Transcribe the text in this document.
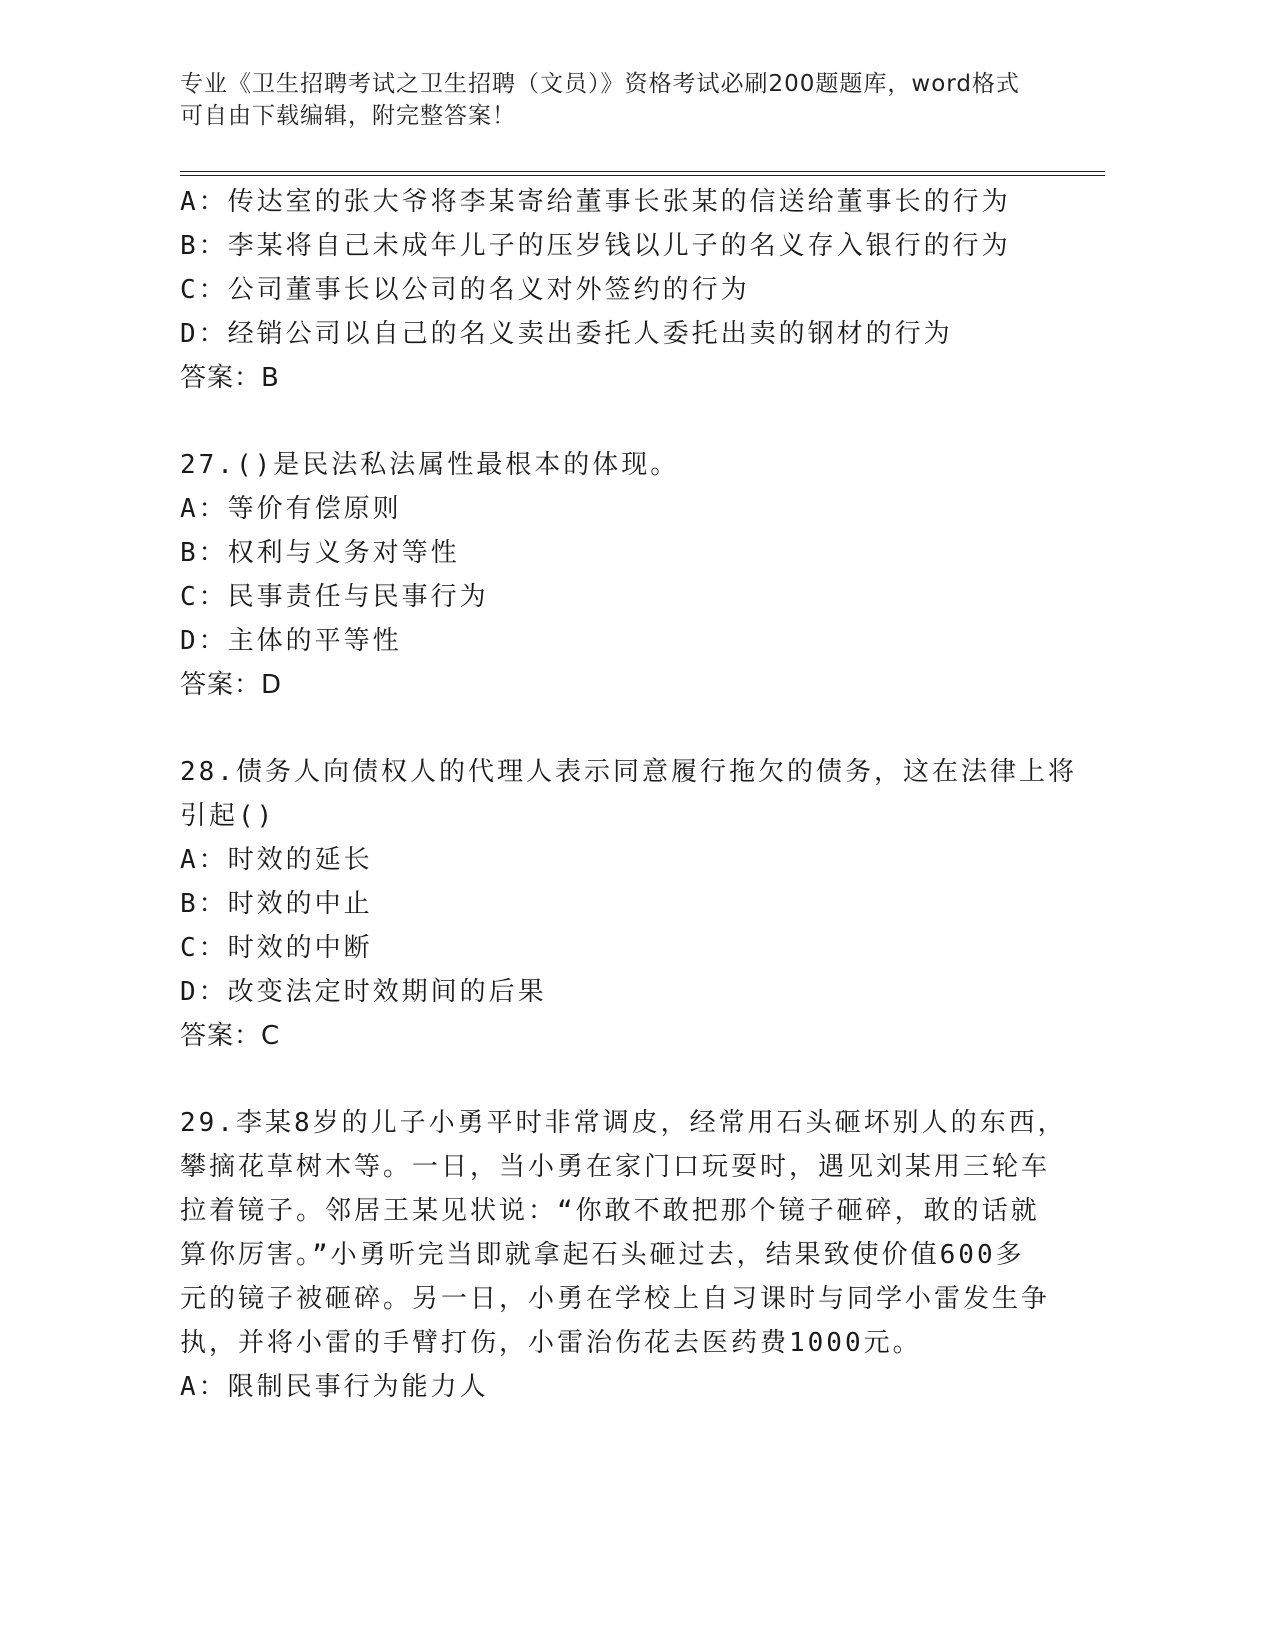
专业《卫生招聘考试之卫生招聘（文员）》资格考试必刷200题题库，word格式
可自由下载编辑，附完整答案！
A：传达室的张大爷将李某寄给董事长张某的信送给董事长的行为
B：李某将自己未成年儿子的压岁钱以儿子的名义存入银行的行为
C：公司董事长以公司的名义对外签约的行为
D：经销公司以自己的名义卖出委托人委托出卖的钢材的行为
答案：B
27.()是民法私法属性最根本的体现。
A：等价有偿原则
B：权利与义务对等性
C：民事责任与民事行为
D：主体的平等性
答案：D
28.债务人向债权人的代理人表示同意履行拖欠的债务，这在法律上将
引起()
A：时效的延长
B：时效的中止
C：时效的中断
D：改变法定时效期间的后果
答案：C
29.李某8岁的儿子小勇平时非常调皮，经常用石头砸坏别人的东西，
攀摘花草树木等。一日，当小勇在家门口玩耍时，遇见刘某用三轮车
拉着镜子。邻居王某见状说：“你敢不敢把那个镜子砸碎，敢的话就
算你厉害。”小勇听完当即就拿起石头砸过去，结果致使价值600多
元的镜子被砸碎。另一日，小勇在学校上自习课时与同学小雷发生争
执，并将小雷的手臂打伤，小雷治伤花去医药费1000元。
A：限制民事行为能力人
